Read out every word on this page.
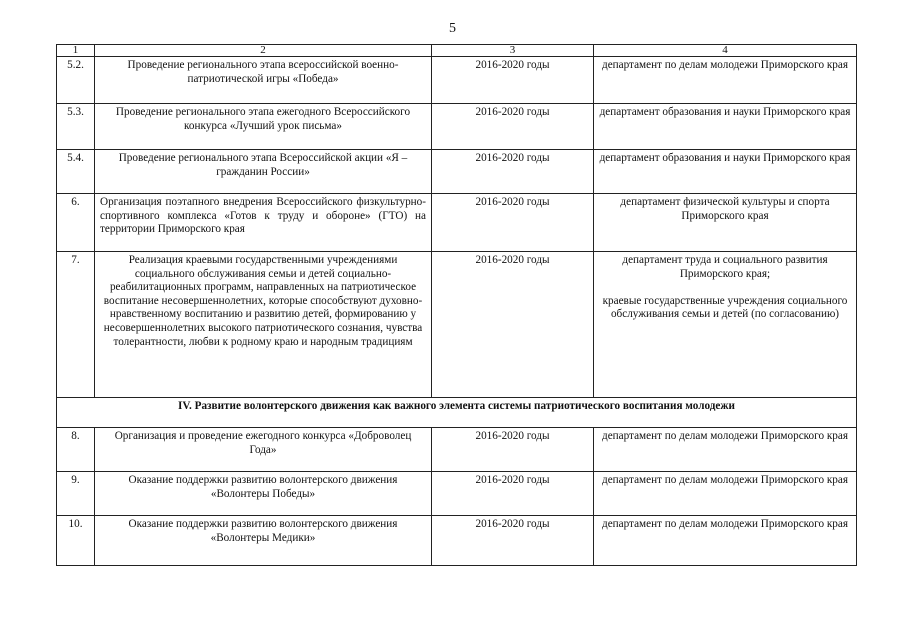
5
1	2	3	4
5.2.	Проведение регионального этапа всероссийской военно-патриотической игры «Победа»	2016-2020 годы	департамент по делам молодежи Приморского края
5.3.	Проведение регионального этапа ежегодного Всероссийского конкурса «Лучший урок письма»	2016-2020 годы	департамент образования и науки Приморского края
5.4.	Проведение регионального этапа Всероссийской акции «Я – гражданин России»	2016-2020 годы	департамент образования и науки Приморского края
6.	Организация поэтапного внедрения Всероссийского физкультурно-спортивного комплекса «Готов к труду и обороне» (ГТО) на территории Приморского края	2016-2020 годы	департамент физической культуры и спорта Приморского края
7.	Реализация краевыми государственными учреждениями социального обслуживания семьи и детей социально-реабилитационных программ, направленных на патриотическое воспитание несовершеннолетних, которые способствуют духовно-нравственному воспитанию и развитию детей, формированию у несовершеннолетних высокого патриотического сознания, чувства толерантности, любви к родному краю и народным традициям	2016-2020 годы	департамент труда и социального развития Приморского края;
краевые государственные учреждения социального обслуживания семьи и детей (по согласованию)
IV. Развитие волонтерского движения как важного элемента системы патриотического воспитания молодежи			
8.	Организация и проведение ежегодного конкурса «Доброволец Года»	2016-2020 годы	департамент по делам молодежи Приморского края
9.	Оказание поддержки развитию волонтерского движения «Волонтеры Победы»	2016-2020 годы	департамент по делам молодежи Приморского края
10.	Оказание поддержки развитию волонтерского движения «Волонтеры Медики»	2016-2020 годы	департамент по делам молодежи Приморского края
